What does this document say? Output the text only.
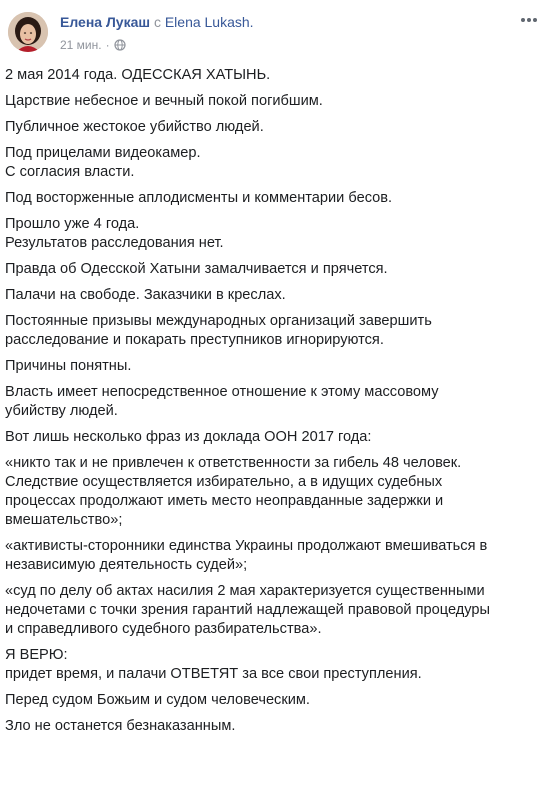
Елена Лукаш с Elena Lukash.
21 мин. ·
2 мая 2014 года. ОДЕССКАЯ ХАТЫНЬ.
Царствие небесное и вечный покой погибшим.
Публичное жестокое убийство людей.
Под прицелами видеокамер.
С согласия власти.
Под восторженные аплодисменты и комментарии бесов.
Прошло уже 4 года.
Результатов расследования нет.
Правда об Одесской Хатыни замалчивается и прячется.
Палачи на свободе. Заказчики в креслах.
Постоянные призывы международных организаций завершить
расследование и покарать преступников игнорируются.
Причины понятны.
Власть имеет непосредственное отношение к этому массовому
убийству людей.
Вот лишь несколько фраз из доклада ООН 2017 года:
«никто так и не привлечен к ответственности за гибель 48 человек.
Следствие осуществляется избирательно, а в идущих судебных
процессах продолжают иметь место неоправданные задержки и
вмешательство»;
«активисты-сторонники единства Украины продолжают вмешиваться в
независимую деятельность судей»;
«суд по делу об актах насилия 2 мая характеризуется существенными
недочетами с точки зрения гарантий надлежащей правовой процедуры
и справедливого судебного разбирательства».
Я ВЕРЮ:
придет время, и палачи ОТВЕТЯТ за все свои преступления.
Перед судом Божьим и судом человеческим.
Зло не останется безнаказанным.
